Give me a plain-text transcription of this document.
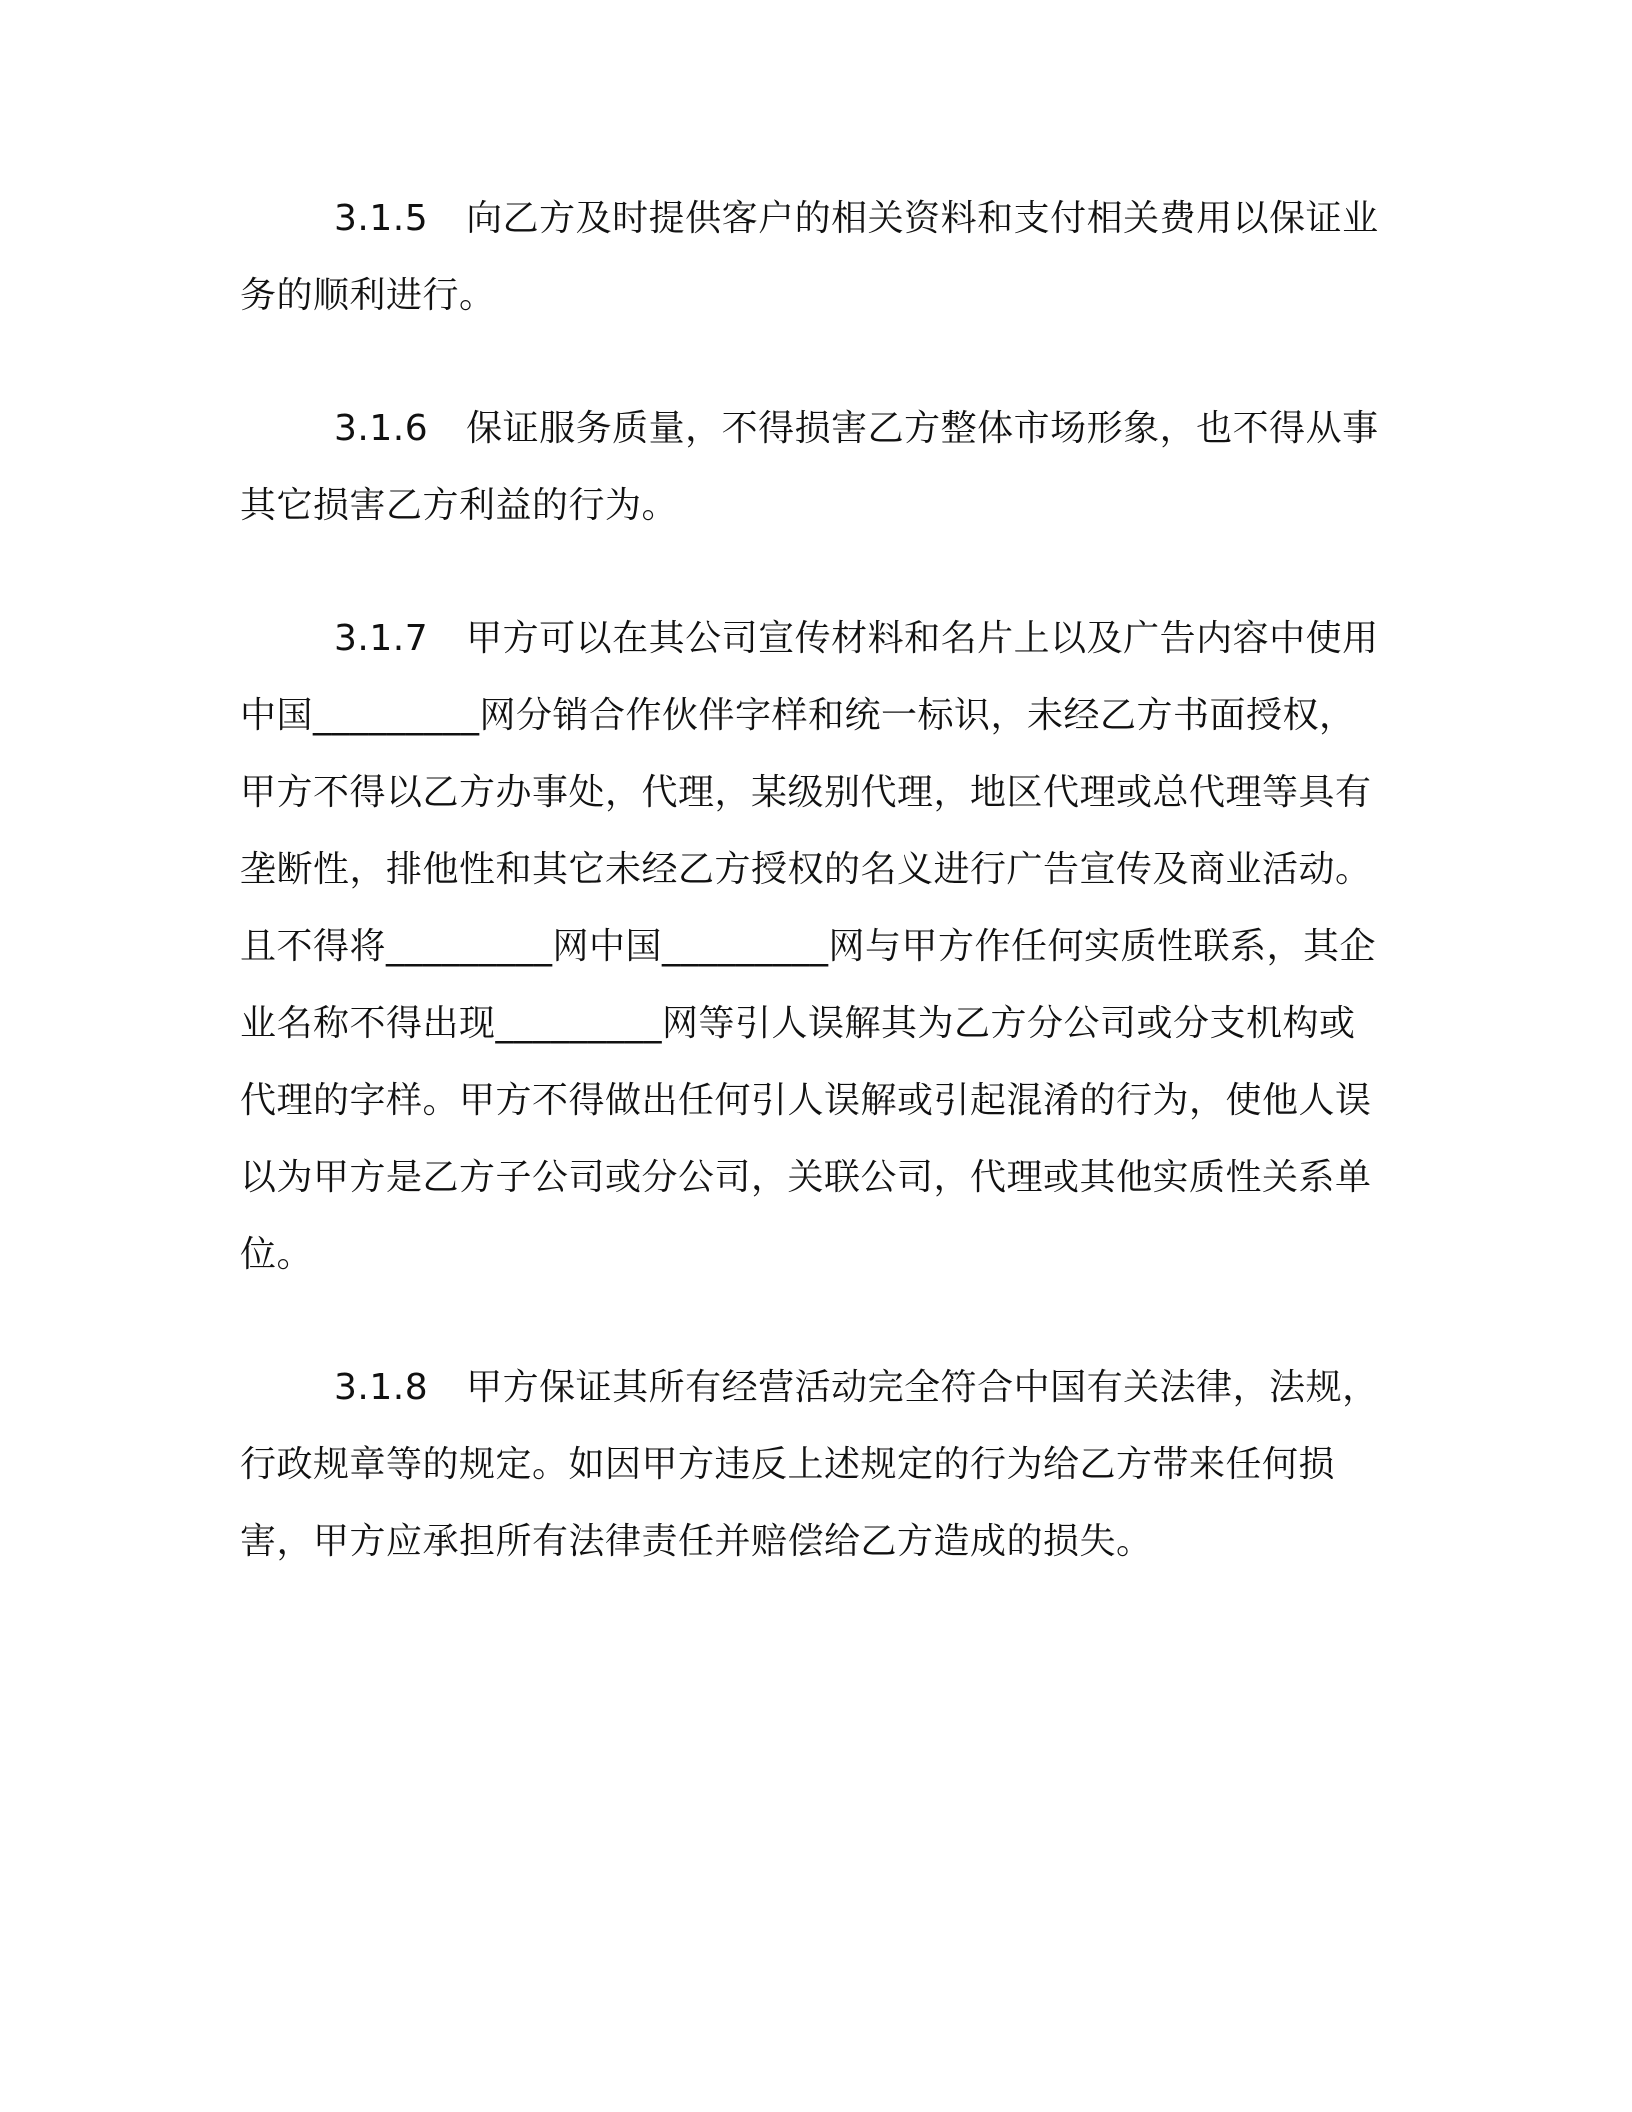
3.1.5 向乙方及时提供客户的相关资料和支付相关费用以保证业务的顺利进行。

3.1.6 保证服务质量，不得损害乙方整体市场形象，也不得从事其它损害乙方利益的行为。

3.1.7 甲方可以在其公司宣传材料和名片上以及广告内容中使用中国_________网分销合作伙伴字样和统一标识，未经乙方书面授权，甲方不得以乙方办事处，代理，某级别代理，地区代理或总代理等具有垄断性，排他性和其它未经乙方授权的名义进行广告宣传及商业活动。且不得将_________网中国_________网与甲方作任何实质性联系，其企业名称不得出现_________网等引人误解其为乙方分公司或分支机构或代理的字样。甲方不得做出任何引人误解或引起混淆的行为，使他人误以为甲方是乙方子公司或分公司，关联公司，代理或其他实质性关系单位。

3.1.8 甲方保证其所有经营活动完全符合中国有关法律，法规，行政规章等的规定。如因甲方违反上述规定的行为给乙方带来任何损害，甲方应承担所有法律责任并赔偿给乙方造成的损失。
